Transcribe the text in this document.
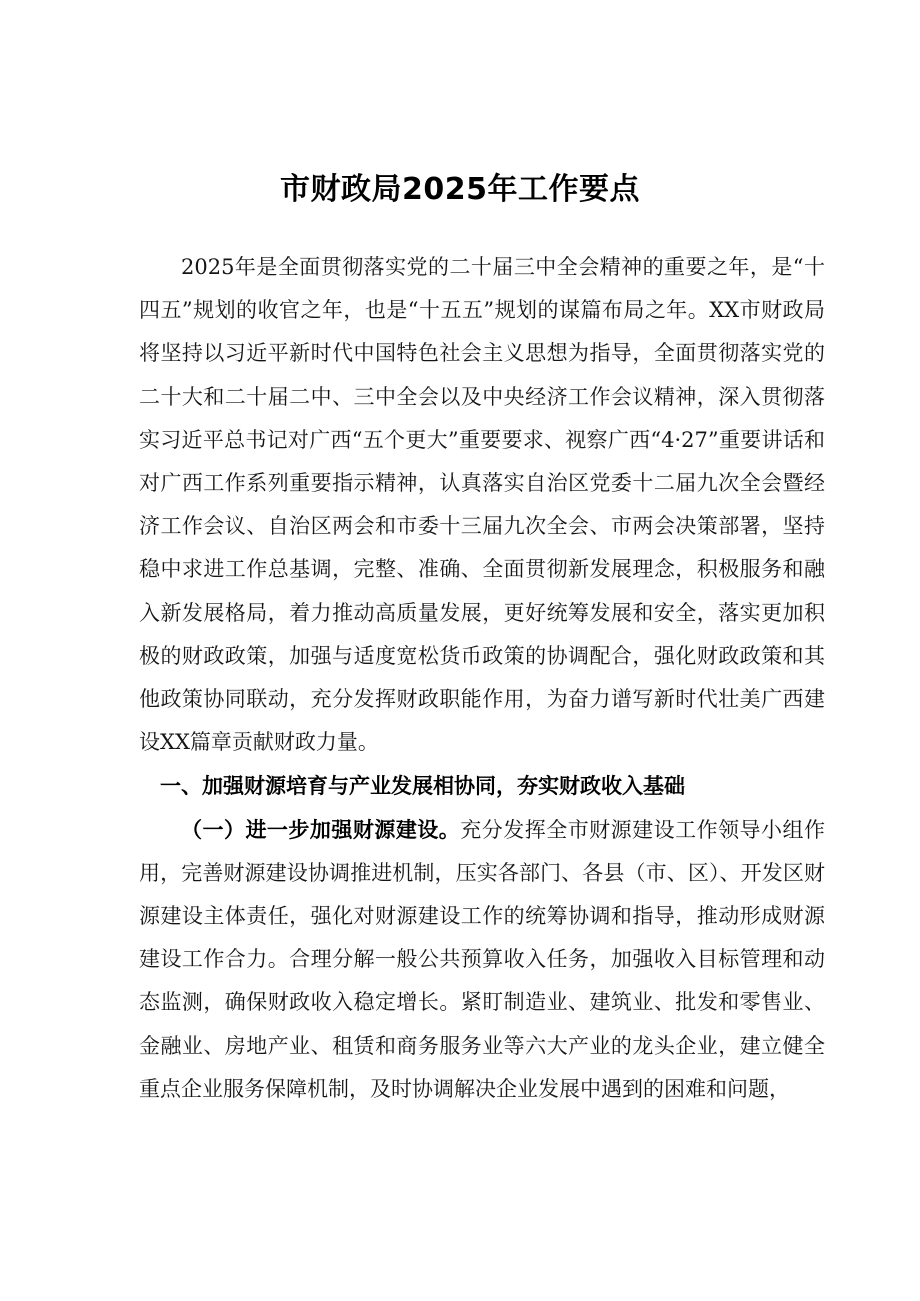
市财政局2025年工作要点

2025年是全面贯彻落实党的二十届三中全会精神的重要之年，是“十四五”规划的收官之年，也是“十五五”规划的谋篇布局之年。XX市财政局将坚持以习近平新时代中国特色社会主义思想为指导，全面贯彻落实党的二十大和二十届二中、三中全会以及中央经济工作会议精神，深入贯彻落实习近平总书记对广西“五个更大”重要要求、视察广西“4·27”重要讲话和对广西工作系列重要指示精神，认真落实自治区党委十二届九次全会暨经济工作会议、自治区两会和市委十三届九次全会、市两会决策部署，坚持稳中求进工作总基调，完整、准确、全面贯彻新发展理念，积极服务和融入新发展格局，着力推动高质量发展，更好统筹发展和安全，落实更加积极的财政政策，加强与适度宽松货币政策的协调配合，强化财政政策和其他政策协同联动，充分发挥财政职能作用，为奋力谱写新时代壮美广西建设XX篇章贡献财政力量。

一、加强财源培育与产业发展相协同，夯实财政收入基础

（一）进一步加强财源建设。充分发挥全市财源建设工作领导小组作用，完善财源建设协调推进机制，压实各部门、各县（市、区）、开发区财源建设主体责任，强化对财源建设工作的统筹协调和指导，推动形成财源建设工作合力。合理分解一般公共预算收入任务，加强收入目标管理和动态监测，确保财政收入稳定增长。紧盯制造业、建筑业、批发和零售业、金融业、房地产业、租赁和商务服务业等六大产业的龙头企业，建立健全重点企业服务保障机制，及时协调解决企业发展中遇到的困难和问题，
